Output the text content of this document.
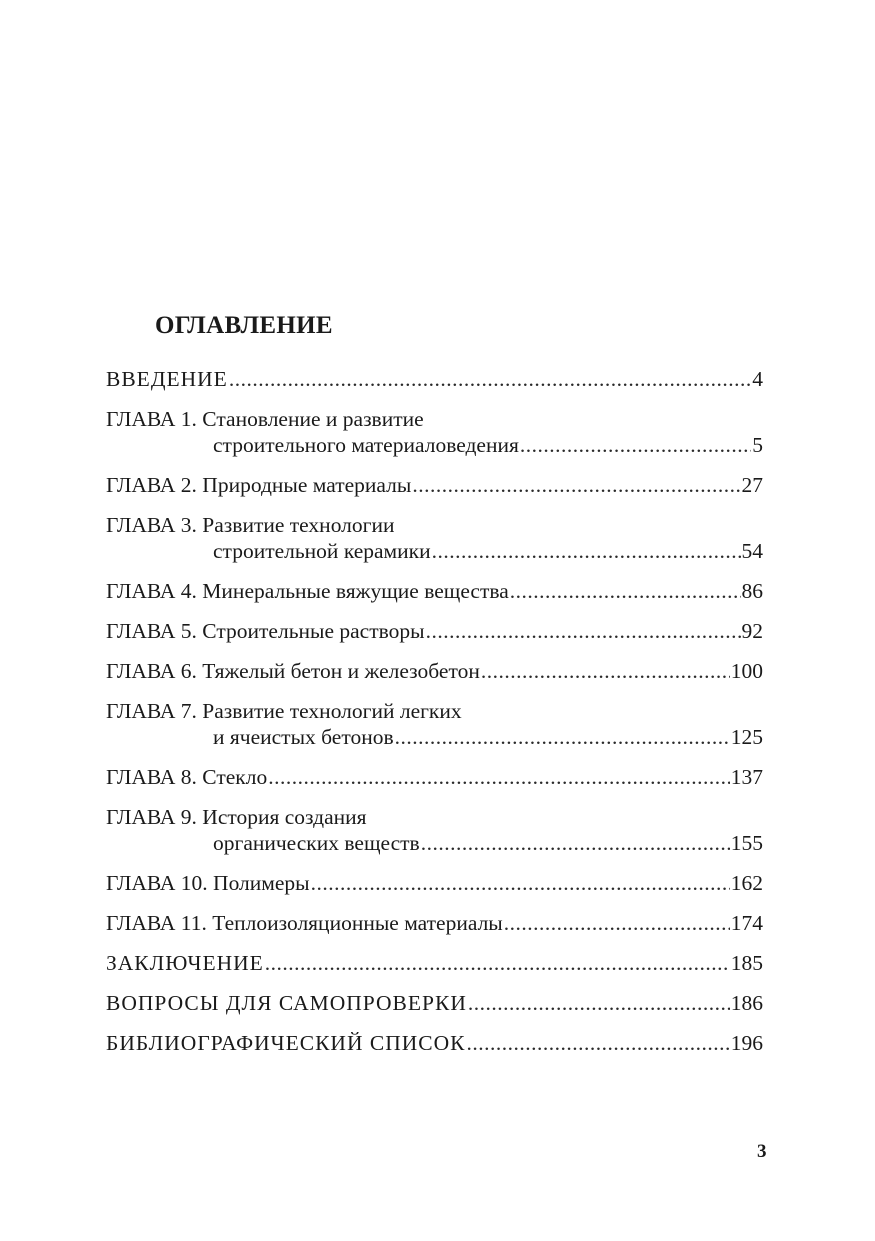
ОГЛАВЛЕНИЕ
ВВЕДЕНИЕ .....	4
ГЛАВА 1. Становление и развитие
строительного материаловедения .....	5
ГЛАВА 2. Природные материалы .....	27
ГЛАВА 3. Развитие технологии
строительной керамики .....	54
ГЛАВА 4. Минеральные вяжущие вещества .....	86
ГЛАВА 5. Строительные растворы .....	92
ГЛАВА 6. Тяжелый бетон и железобетон .....	100
ГЛАВА 7. Развитие технологий легких
и ячеистых бетонов .....	125
ГЛАВА 8. Стекло .....	137
ГЛАВА 9. История создания
органических веществ .....	155
ГЛАВА 10. Полимеры .....	162
ГЛАВА 11. Теплоизоляционные материалы .....	174
ЗАКЛЮЧЕНИЕ .....	185
ВОПРОСЫ ДЛЯ САМОПРОВЕРКИ .....	186
БИБЛИОГРАФИЧЕСКИЙ СПИСОК .....	196
3
